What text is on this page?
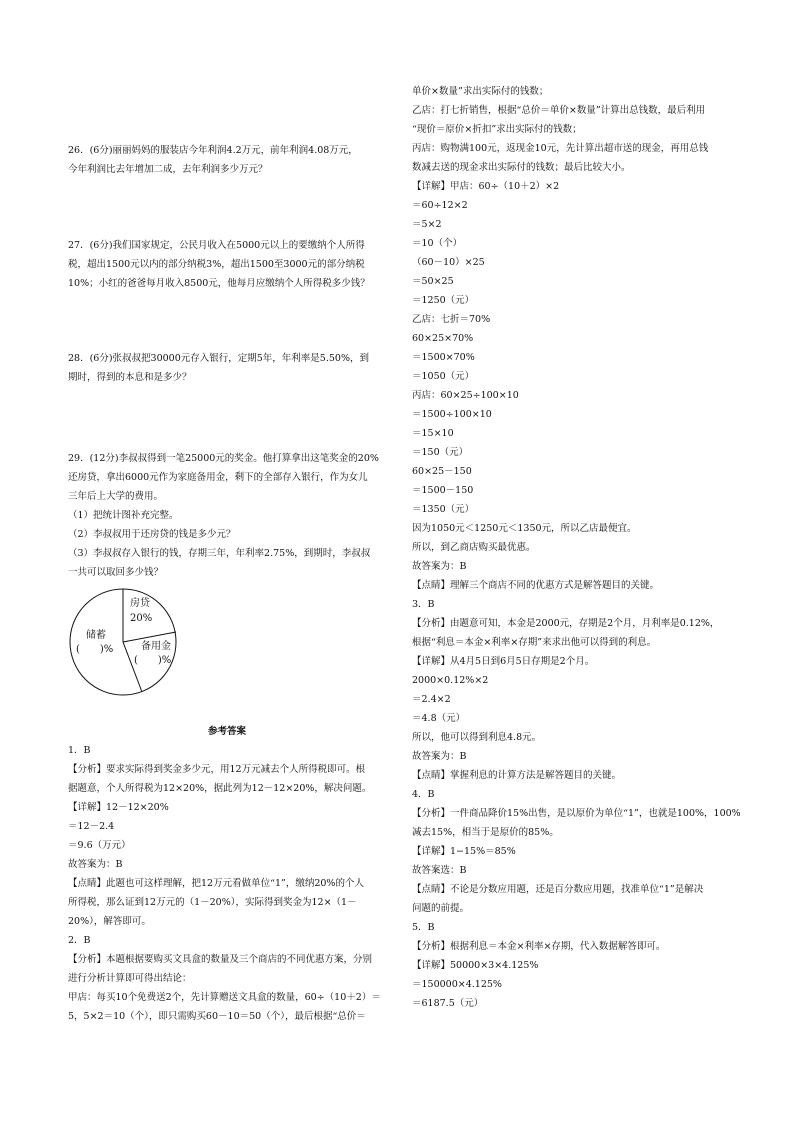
26．(6分)丽丽妈妈的服装店今年利润4.2万元，前年利润4.08万元，
今年利润比去年增加二成，去年利润多少万元？
27．(6分)我们国家规定，公民月收入在5000元以上的要缴纳个人所得
税，超出1500元以内的部分纳税3%，超出1500至3000元的部分纳税
10%；小红的爸爸每月收入8500元，他每月应缴纳个人所得税多少钱？
28．(6分)张叔叔把30000元存入银行，定期5年，年利率是5.50%，到
期时，得到的本息和是多少？
29．(12分)李叔叔得到一笔25000元的奖金。他打算拿出这笔奖金的20%
还房贷，拿出6000元作为家庭备用金，剩下的全部存入银行，作为女儿
三年后上大学的费用。
（1）把统计图补充完整。
（2）李叔叔用于还房贷的钱是多少元？
（3）李叔叔存入银行的钱，存期三年，年利率2.75%，到期时，李叔叔
一共可以取回多少钱？
房贷
20%
储蓄
(　　)%	备用金
(　　)%
参考答案
1．B
【分析】要求实际得到奖金多少元，用12万元减去个人所得税即可。根
据题意，个人所得税为12×20%，据此列为12－12×20%，解决问题。
【详解】12－12×20%
＝12－2.4
＝9.6（万元）
故答案为：B
【点睛】此题也可这样理解，把12万元看做单位“1”，缴纳20%的个人
所得税，那么证到12万元的（1－20%），实际得到奖金为12×（1－
20%），解答即可。
2．B
【分析】本题根据要购买文具盒的数量及三个商店的不同优惠方案，分别
进行分析计算即可得出结论：
甲店：每买10个免费送2个，先计算赠送文具盒的数量，60÷（10＋2）＝
5，5×2＝10（个），即只需购买60－10＝50（个），最后根据“总价＝
单价×数量”求出实际付的钱数；
乙店：打七折销售，根据“总价＝单价×数量”计算出总钱数，最后利用
“现价＝原价×折扣”求出实际付的钱数；
丙店：购物满100元，返现金10元，先计算出超市送的现金，再用总钱
数减去送的现金求出实际付的钱数；最后比较大小。
【详解】甲店：60÷（10＋2）×2
＝60÷12×2
＝5×2
＝10（个）
（60－10）×25
＝50×25
＝1250（元）
乙店：七折＝70%
60×25×70%
＝1500×70%
＝1050（元）
丙店：60×25÷100×10
＝1500÷100×10
＝15×10
＝150（元）
60×25－150
＝1500－150
＝1350（元）
因为1050元＜1250元＜1350元，所以乙店最便宜。
所以，到乙商店购买最优惠。
故答案为：B
【点睛】理解三个商店不同的优惠方式是解答题目的关键。
3．B
【分析】由题意可知，本金是2000元，存期是2个月，月利率是0.12%，
根据“利息＝本金×利率×存期”来求出他可以得到的利息。
【详解】从4月5日到6月5日存期是2个月。
2000×0.12%×2
＝2.4×2
＝4.8（元）
所以，他可以得到利息4.8元。
故答案为：B
【点睛】掌握利息的计算方法是解答题目的关键。
4．B
【分析】一件商品降价15%出售，是以原价为单位“1”，也就是100%，100%
减去15%，相当于是原价的85%。
【详解】1−15%＝85%
故答案选：B
【点睛】不论是分数应用题，还是百分数应用题，找准单位“1”是解决
问题的前提。
5．B
【分析】根据利息＝本金×利率×存期，代入数据解答即可。
【详解】50000×3×4.125%
＝150000×4.125%
＝6187.5（元）
